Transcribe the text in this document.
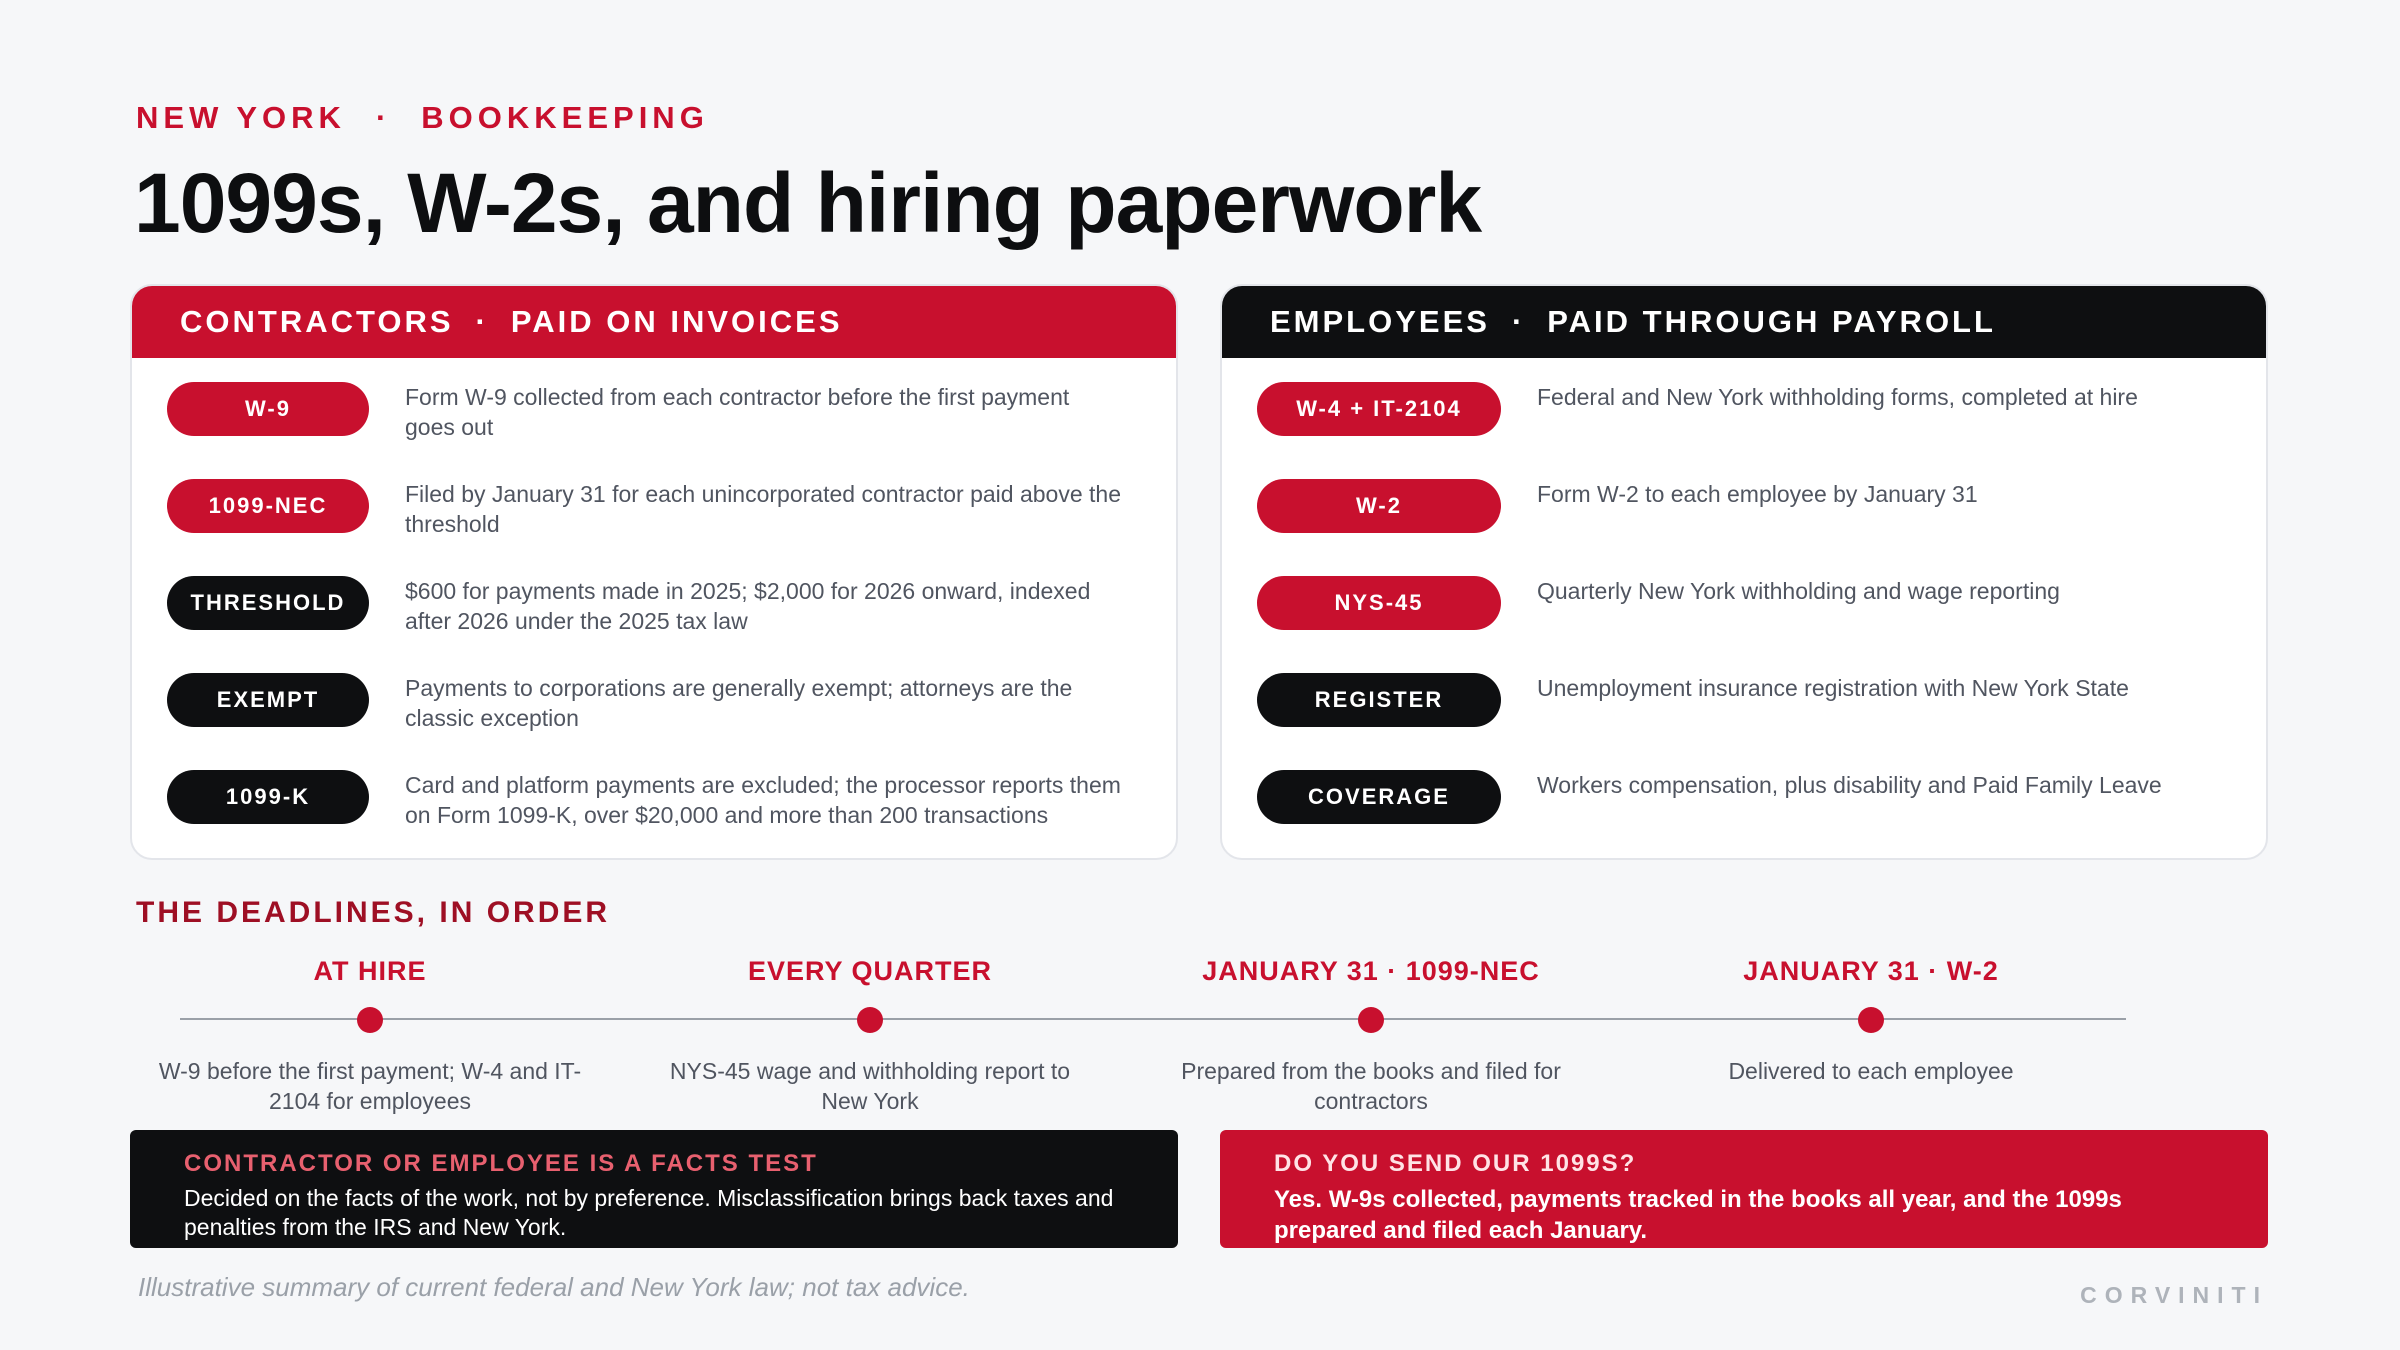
NEW YORK · BOOKKEEPING
1099s, W-2s, and hiring paperwork
CONTRACTORS · PAID ON INVOICES
W-9	Form W-9 collected from each contractor before the first payment goes out
1099-NEC	Filed by January 31 for each unincorporated contractor paid above the threshold
THRESHOLD	$600 for payments made in 2025; $2,000 for 2026 onward, indexed after 2026 under the 2025 tax law
EXEMPT	Payments to corporations are generally exempt; attorneys are the classic exception
1099-K	Card and platform payments are excluded; the processor reports them on Form 1099-K, over $20,000 and more than 200 transactions
EMPLOYEES · PAID THROUGH PAYROLL
W-4 + IT-2104	Federal and New York withholding forms, completed at hire
W-2	Form W-2 to each employee by January 31
NYS-45	Quarterly New York withholding and wage reporting
REGISTER	Unemployment insurance registration with New York State
COVERAGE	Workers compensation, plus disability and Paid Family Leave
THE DEADLINES, IN ORDER
AT HIRE
W-9 before the first payment; W-4 and IT-2104 for employees
EVERY QUARTER
NYS-45 wage and withholding report to New York
JANUARY 31 · 1099-NEC
Prepared from the books and filed for contractors
JANUARY 31 · W-2
Delivered to each employee
CONTRACTOR OR EMPLOYEE IS A FACTS TEST
Decided on the facts of the work, not by preference. Misclassification brings back taxes and penalties from the IRS and New York.
DO YOU SEND OUR 1099S?
Yes. W-9s collected, payments tracked in the books all year, and the 1099s prepared and filed each January.
Illustrative summary of current federal and New York law; not tax advice.	CORVINITI
